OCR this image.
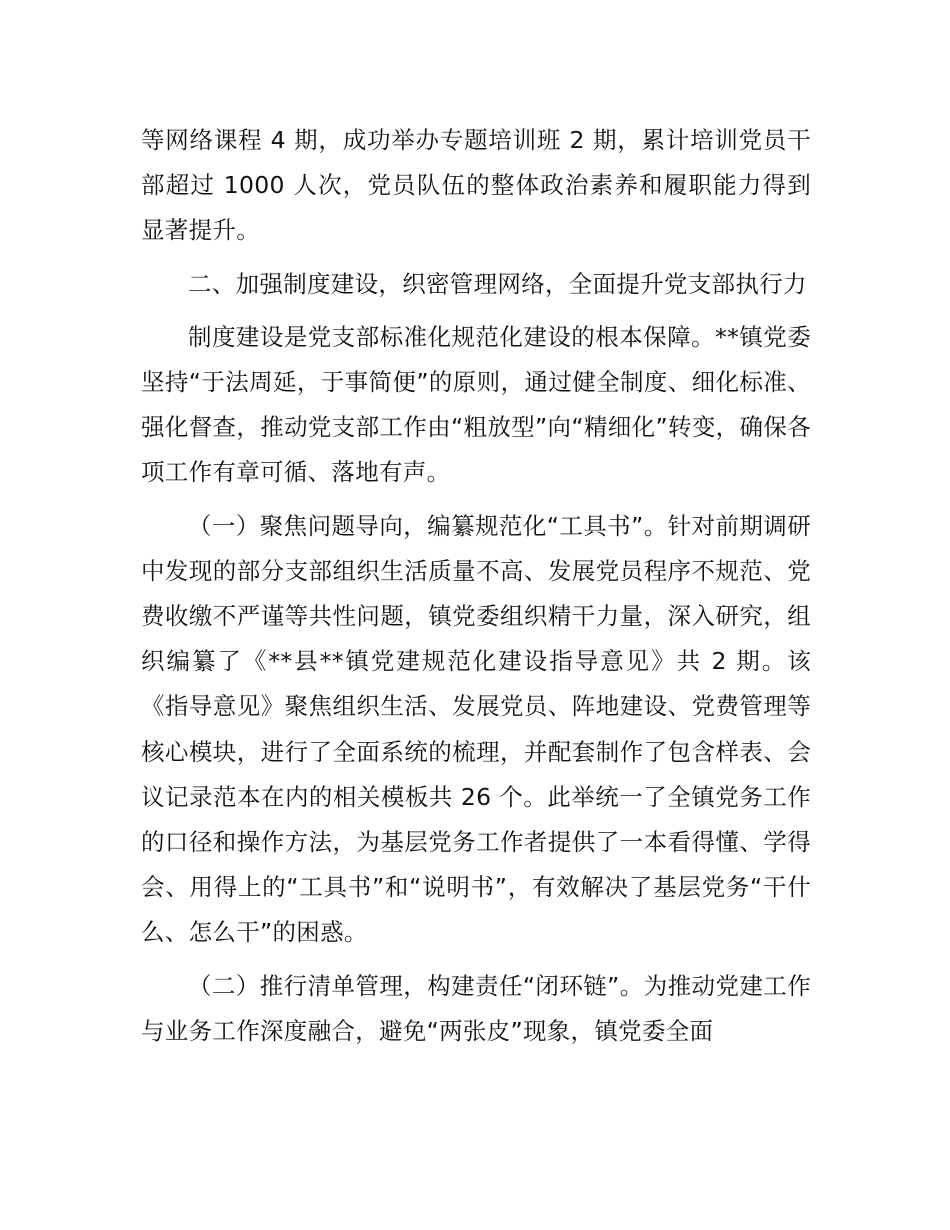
等网络课程 4 期，成功举办专题培训班 2 期，累计培训党员干部超过 1000 人次，党员队伍的整体政治素养和履职能力得到显著提升。

二、加强制度建设，织密管理网络，全面提升党支部执行力

制度建设是党支部标准化规范化建设的根本保障。**镇党委坚持“于法周延，于事简便”的原则，通过健全制度、细化标准、强化督查，推动党支部工作由“粗放型”向“精细化”转变，确保各项工作有章可循、落地有声。

（一）聚焦问题导向，编纂规范化“工具书”。针对前期调研中发现的部分支部组织生活质量不高、发展党员程序不规范、党费收缴不严谨等共性问题，镇党委组织精干力量，深入研究，组织编纂了《**县**镇党建规范化建设指导意见》共 2 期。该《指导意见》聚焦组织生活、发展党员、阵地建设、党费管理等核心模块，进行了全面系统的梳理，并配套制作了包含样表、会议记录范本在内的相关模板共 26 个。此举统一了全镇党务工作的口径和操作方法，为基层党务工作者提供了一本看得懂、学得会、用得上的“工具书”和“说明书”，有效解决了基层党务“干什么、怎么干”的困惑。

（二）推行清单管理，构建责任“闭环链”。为推动党建工作与业务工作深度融合，避免“两张皮”现象，镇党委全面
